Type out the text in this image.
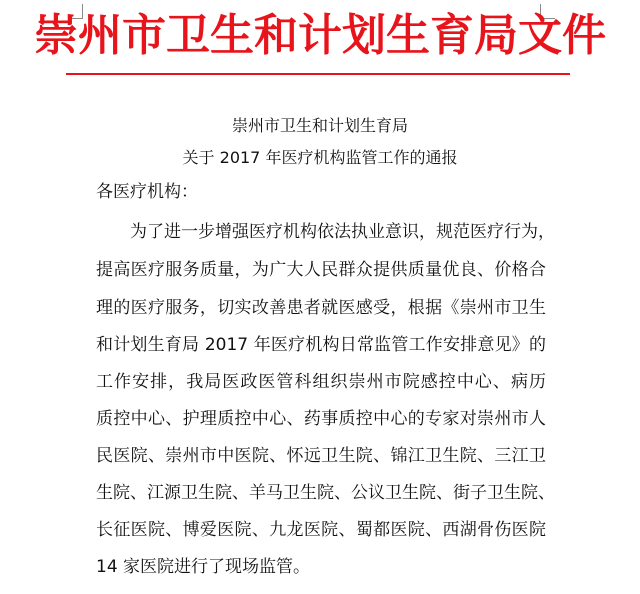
崇州市卫生和计划生育局文件
崇州市卫生和计划生育局
关于 2017 年医疗机构监管工作的通报
各医疗机构：
为了进一步增强医疗机构依法执业意识，规范医疗行为，
提高医疗服务质量，为广大人民群众提供质量优良、价格合
理的医疗服务，切实改善患者就医感受，根据《崇州市卫生
和计划生育局 2017 年医疗机构日常监管工作安排意见》的
工作安排，我局医政医管科组织崇州市院感控中心、病历
质控中心、护理质控中心、药事质控中心的专家对崇州市人
民医院、崇州市中医院、怀远卫生院、锦江卫生院、三江卫
生院、江源卫生院、羊马卫生院、公议卫生院、街子卫生院、
长征医院、博爱医院、九龙医院、蜀都医院、西湖骨伤医院
14 家医院进行了现场监管。
